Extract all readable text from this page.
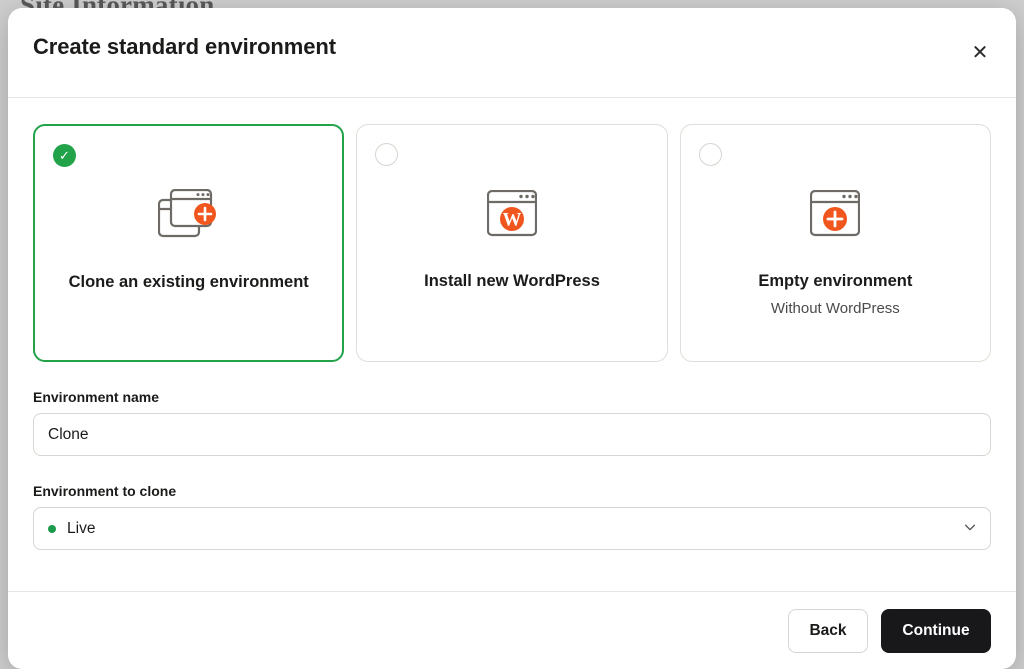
Create standard environment	✕
✓
Clone an existing environment
W
Install new WordPress	Empty environment
Without WordPress
Environment name
Clone
Environment to clone
Live
Back	Continue
